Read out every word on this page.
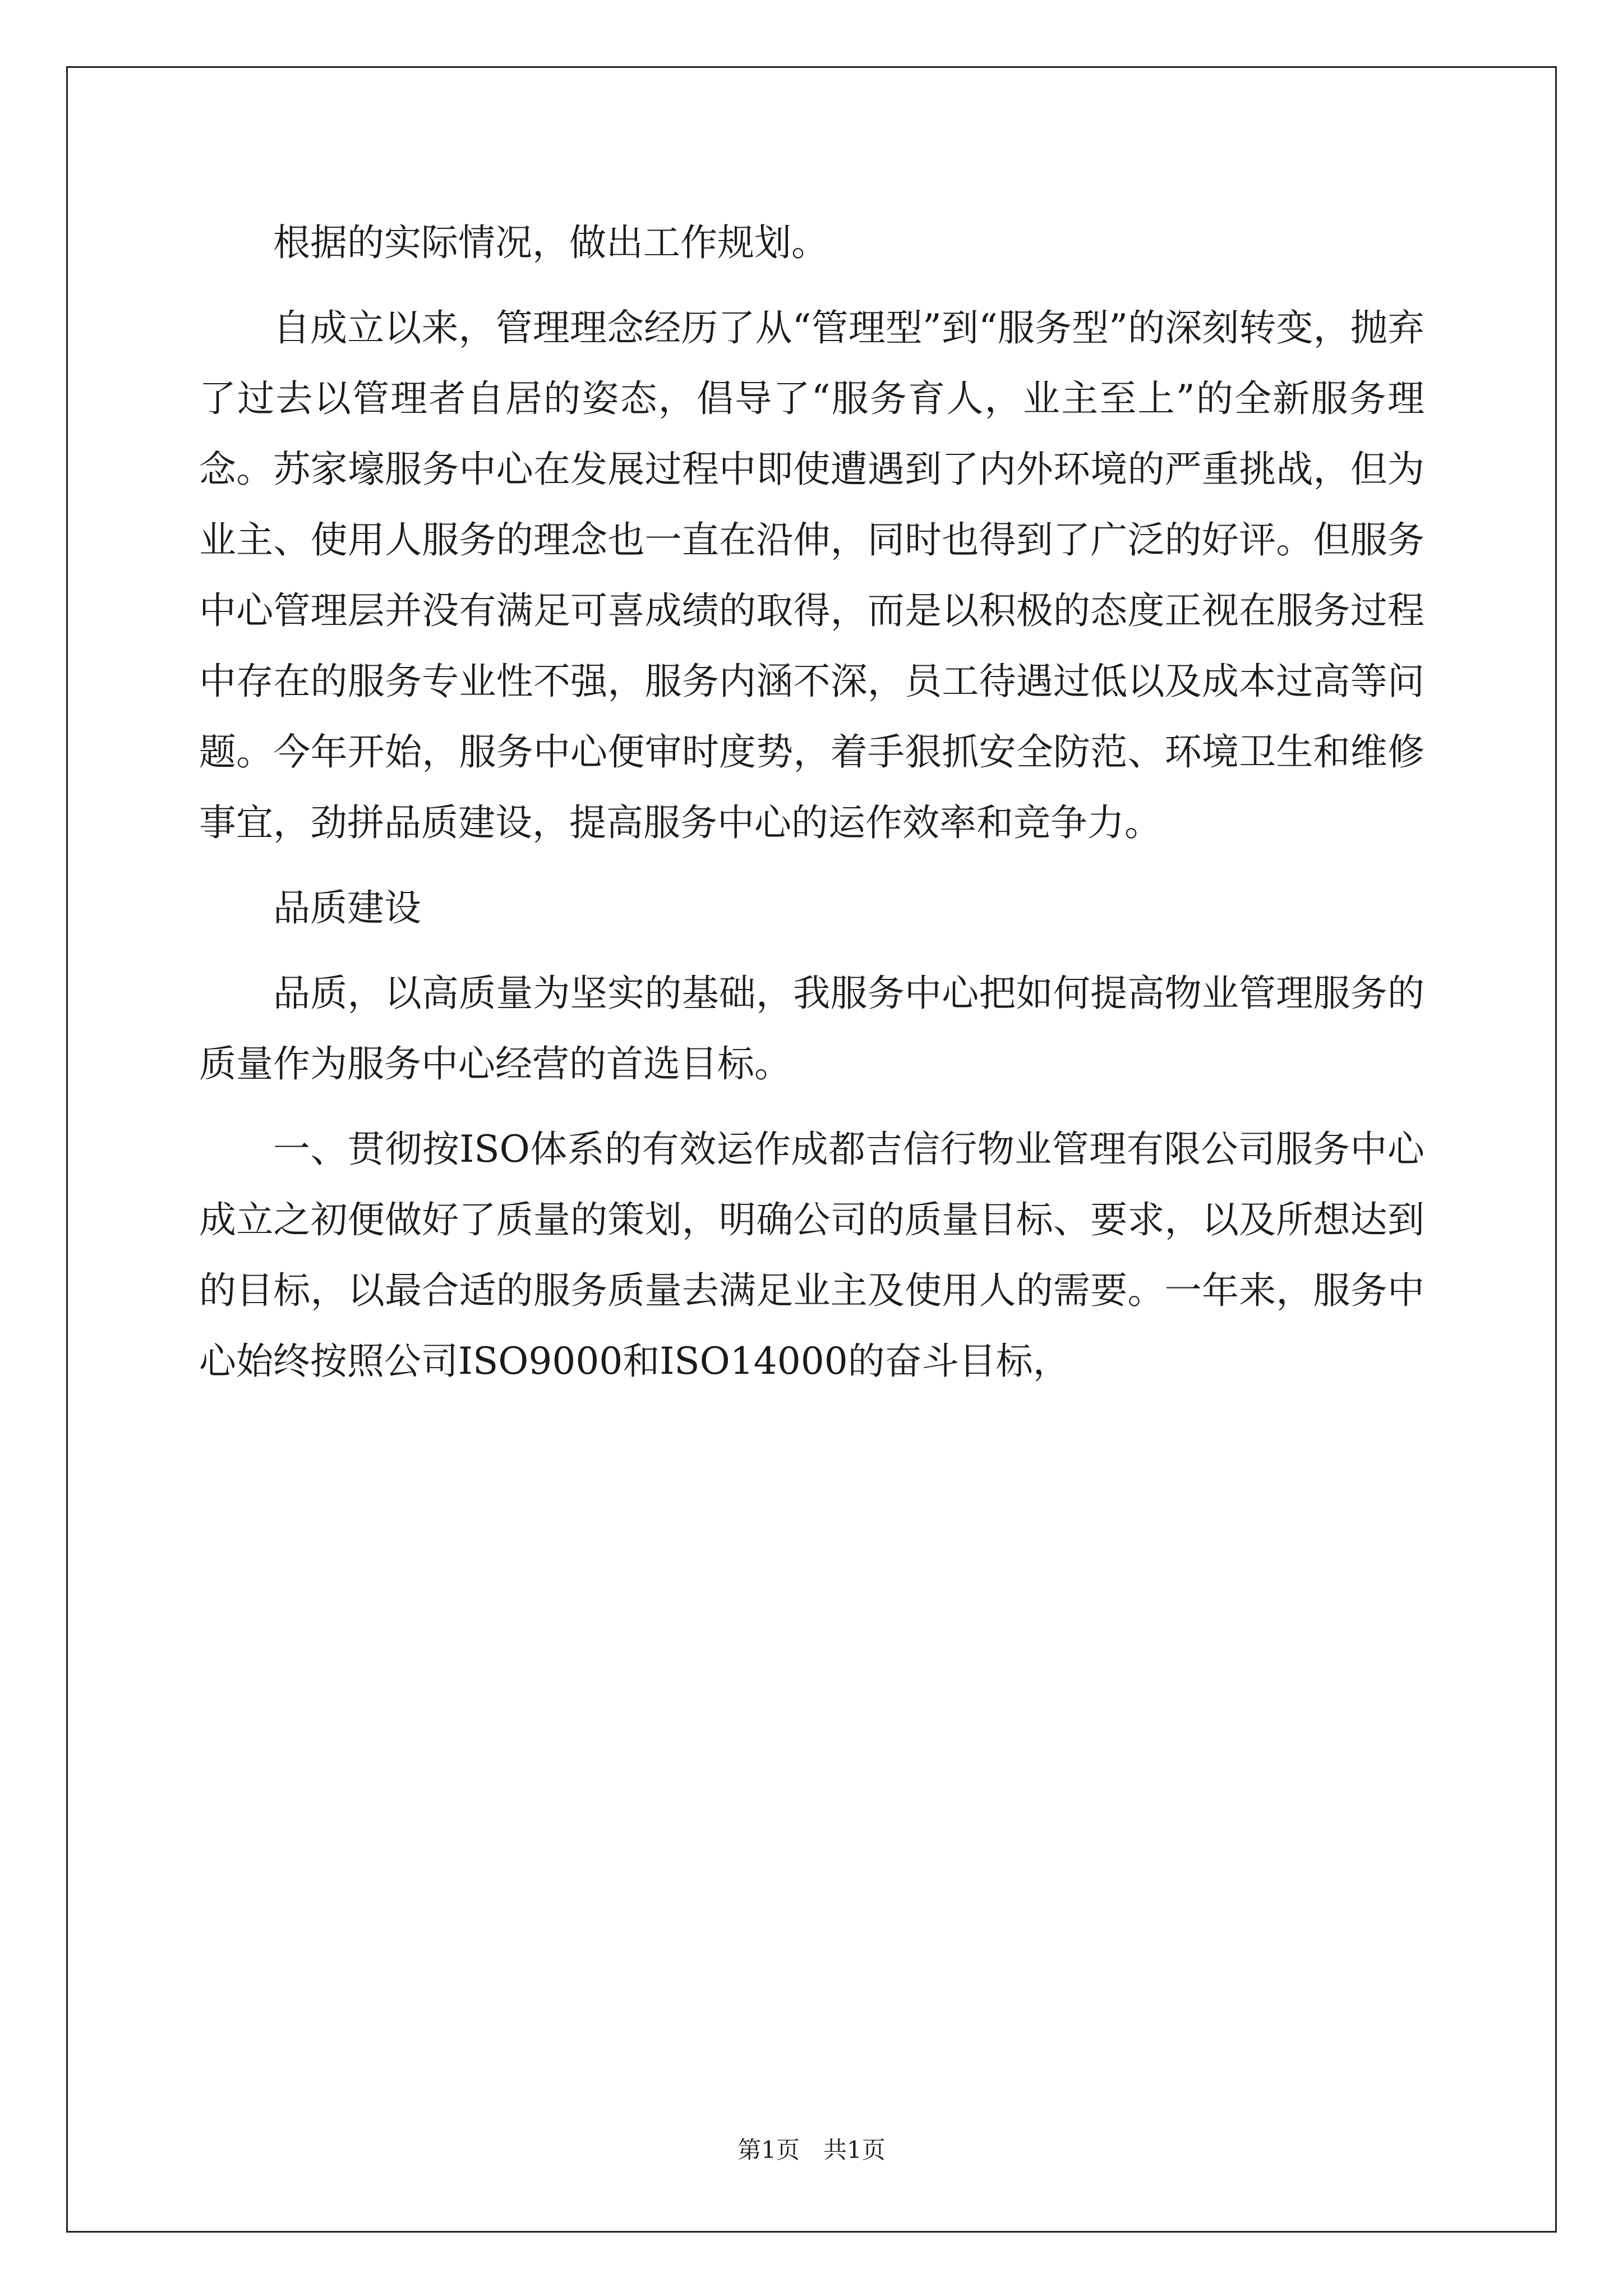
根据的实际情况，做出工作规划。

自成立以来，管理理念经历了从“管理型”到“服务型”的深刻转变，抛弃了过去以管理者自居的姿态，倡导了“服务育人，业主至上”的全新服务理念。苏家壕服务中心在发展过程中即使遭遇到了内外环境的严重挑战，但为业主、使用人服务的理念也一直在沿伸，同时也得到了广泛的好评。但服务中心管理层并没有满足可喜成绩的取得，而是以积极的态度正视在服务过程中存在的服务专业性不强，服务内涵不深，员工待遇过低以及成本过高等问题。今年开始，服务中心便审时度势，着手狠抓安全防范、环境卫生和维修事宜，劲拼品质建设，提高服务中心的运作效率和竞争力。

品质建设

品质，以高质量为坚实的基础，我服务中心把如何提高物业管理服务的质量作为服务中心经营的首选目标。

一、贯彻按ISO体系的有效运作成都吉信行物业管理有限公司服务中心成立之初便做好了质量的策划，明确公司的质量目标、要求，以及所想达到的目标，以最合适的服务质量去满足业主及使用人的需要。一年来，服务中心始终按照公司ISO9000和ISO14000的奋斗目标，

第1页　共1页
